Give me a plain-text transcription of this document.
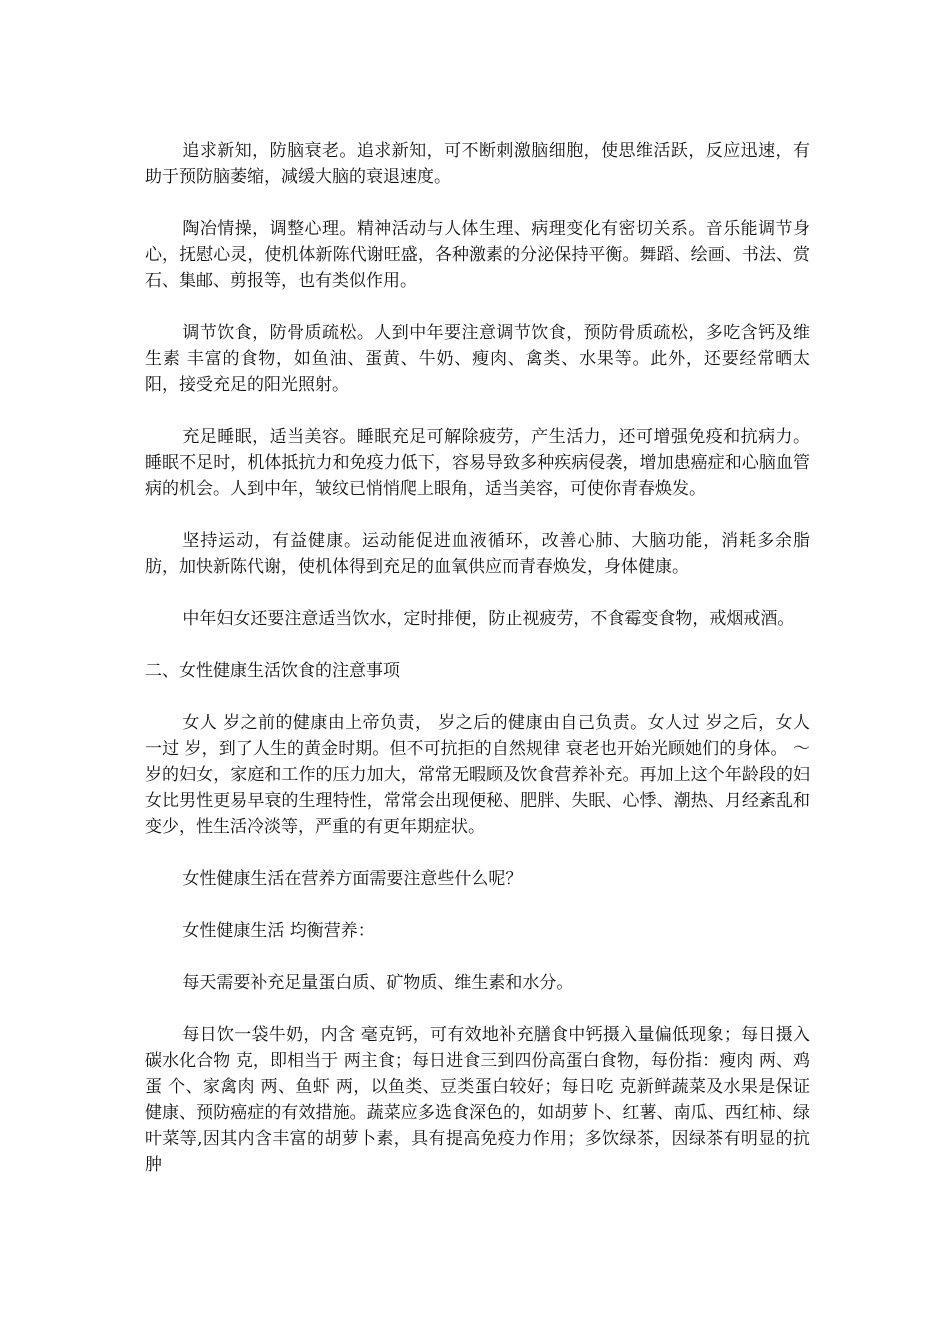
追求新知，防脑衰老。追求新知，可不断刺激脑细胞，使思维活跃，反应迅速，有助于预防脑萎缩，减缓大脑的衰退速度。

陶冶情操，调整心理。精神活动与人体生理、病理变化有密切关系。音乐能调节身心，抚慰心灵，使机体新陈代谢旺盛，各种激素的分泌保持平衡。舞蹈、绘画、书法、赏石、集邮、剪报等，也有类似作用。

调节饮食，防骨质疏松。人到中年要注意调节饮食，预防骨质疏松，多吃含钙及维生素 丰富的食物，如鱼油、蛋黄、牛奶、瘦肉、禽类、水果等。此外，还要经常晒太阳，接受充足的阳光照射。

充足睡眠，适当美容。睡眠充足可解除疲劳，产生活力，还可增强免疫和抗病力。睡眠不足时，机体抵抗力和免疫力低下，容易导致多种疾病侵袭，增加患癌症和心脑血管病的机会。人到中年，皱纹已悄悄爬上眼角，适当美容，可使你青春焕发。

坚持运动，有益健康。运动能促进血液循环，改善心肺、大脑功能，消耗多余脂肪，加快新陈代谢，使机体得到充足的血氧供应而青春焕发，身体健康。

中年妇女还要注意适当饮水，定时排便，防止视疲劳，不食霉变食物，戒烟戒酒。

二、女性健康生活饮食的注意事项

女人 岁之前的健康由上帝负责， 岁之后的健康由自己负责。女人过 岁之后，女人一过 岁，到了人生的黄金时期。但不可抗拒的自然规律 衰老也开始光顾她们的身体。 ～ 岁的妇女，家庭和工作的压力加大，常常无暇顾及饮食营养补充。再加上这个年龄段的妇女比男性更易早衰的生理特性，常常会出现便秘、肥胖、失眠、心悸、潮热、月经紊乱和变少，性生活冷淡等，严重的有更年期症状。

女性健康生活在营养方面需要注意些什么呢？

女性健康生活 均衡营养：

每天需要补充足量蛋白质、矿物质、维生素和水分。

每日饮一袋牛奶，内含 毫克钙，可有效地补充膳食中钙摄入量偏低现象；每日摄入碳水化合物 克，即相当于 两主食；每日进食三到四份高蛋白食物，每份指：瘦肉 两、鸡蛋 个、家禽肉 两、鱼虾 两，以鱼类、豆类蛋白较好；每日吃 克新鲜蔬菜及水果是保证健康、预防癌症的有效措施。蔬菜应多选食深色的，如胡萝卜、红薯、南瓜、西红柿、绿叶菜等,因其内含丰富的胡萝卜素，具有提高免疫力作用；多饮绿茶，因绿茶有明显的抗肿
